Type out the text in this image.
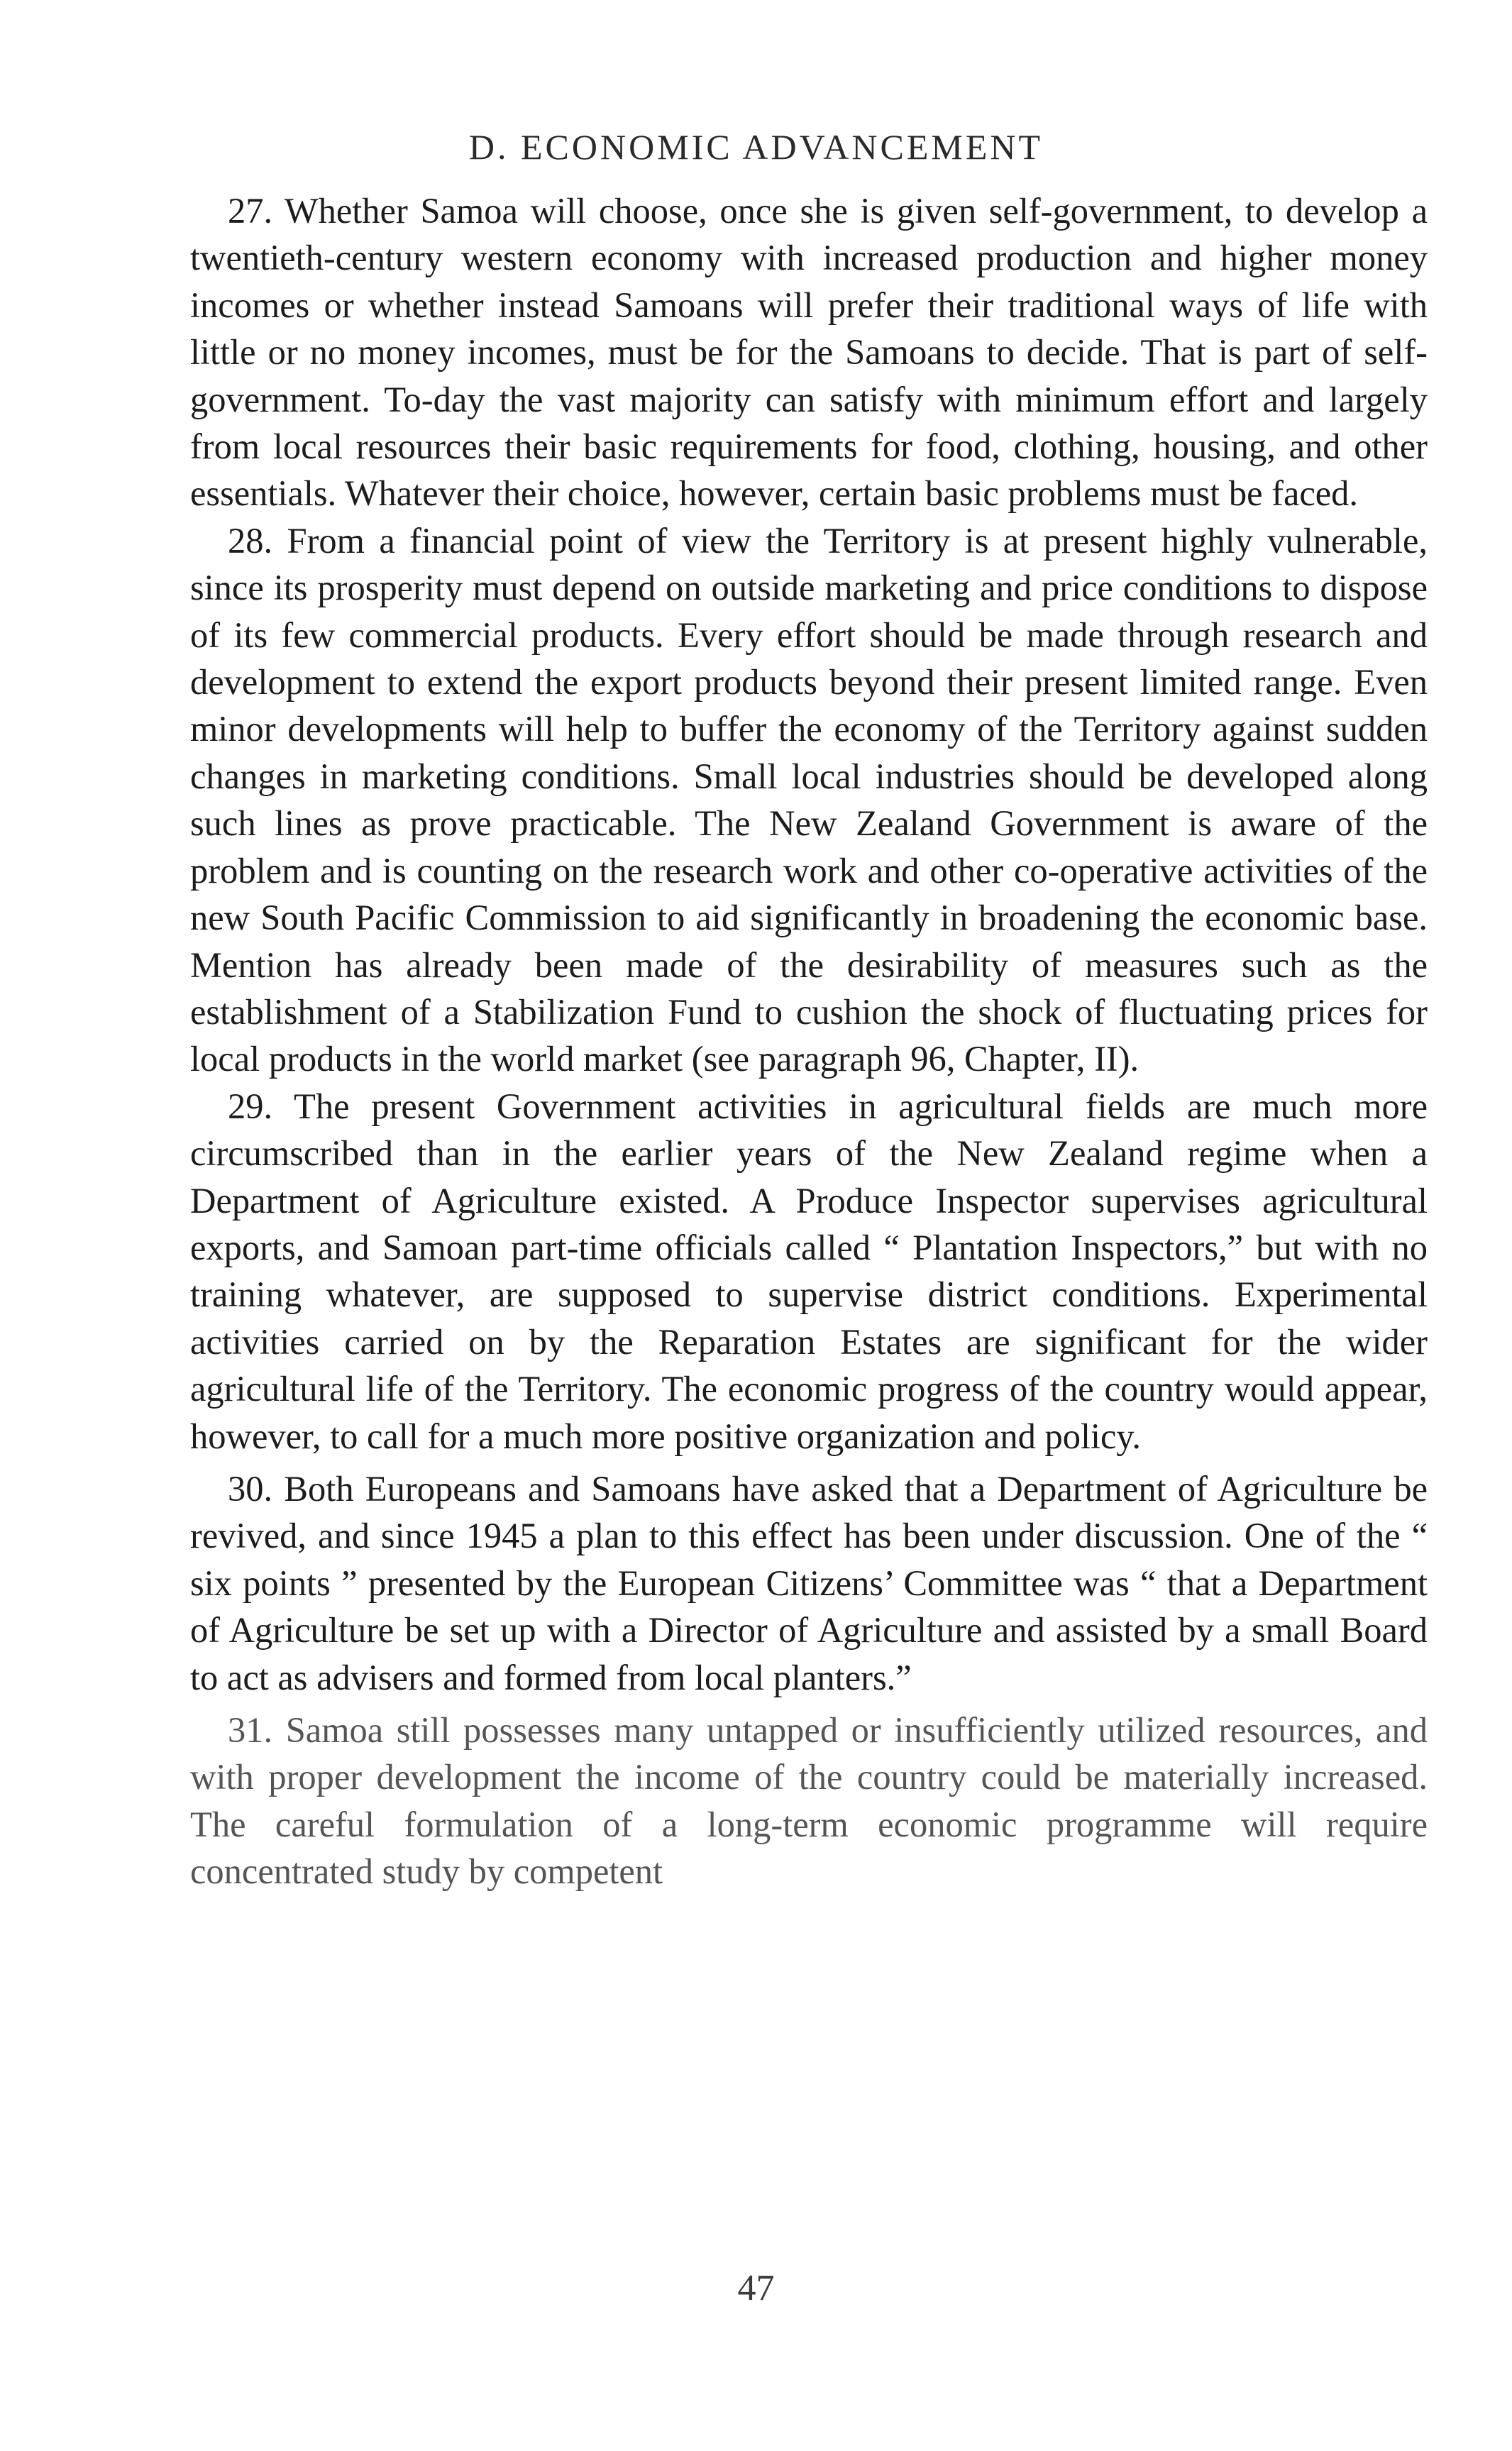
D. ECONOMIC ADVANCEMENT

27. Whether Samoa will choose, once she is given self-government, to develop a twentieth-century western economy with increased production and higher money incomes or whether instead Samoans will prefer their traditional ways of life with little or no money incomes, must be for the Samoans to decide. That is part of self-government. To-day the vast majority can satisfy with minimum effort and largely from local resources their basic requirements for food, clothing, housing, and other essentials. Whatever their choice, however, certain basic problems must be faced.

28. From a financial point of view the Territory is at present highly vulnerable, since its prosperity must depend on outside marketing and price conditions to dispose of its few commercial products. Every effort should be made through research and development to extend the export products beyond their present limited range. Even minor developments will help to buffer the economy of the Territory against sudden changes in marketing conditions. Small local industries should be developed along such lines as prove practicable. The New Zealand Government is aware of the problem and is counting on the research work and other co-operative activities of the new South Pacific Commission to aid significantly in broadening the economic base. Mention has already been made of the desirability of measures such as the establishment of a Stabilization Fund to cushion the shock of fluctuating prices for local products in the world market (see paragraph 96, Chapter, II).

29. The present Government activities in agricultural fields are much more circumscribed than in the earlier years of the New Zealand regime when a Department of Agriculture existed. A Produce Inspector supervises agricultural exports, and Samoan part-time officials called “ Plantation Inspectors,” but with no training whatever, are supposed to supervise district conditions. Experimental activities carried on by the Reparation Estates are significant for the wider agricultural life of the Territory. The economic progress of the country would appear, however, to call for a much more positive organization and policy.

30. Both Europeans and Samoans have asked that a Department of Agriculture be revived, and since 1945 a plan to this effect has been under discussion. One of the “ six points ” presented by the European Citizens’ Committee was “ that a Department of Agriculture be set up with a Director of Agriculture and assisted by a small Board to act as advisers and formed from local planters.”

31. Samoa still possesses many untapped or insufficiently utilized resources, and with proper development the income of the country could be materially increased. The careful formulation of a long-term economic programme will require concentrated study by competent

47
